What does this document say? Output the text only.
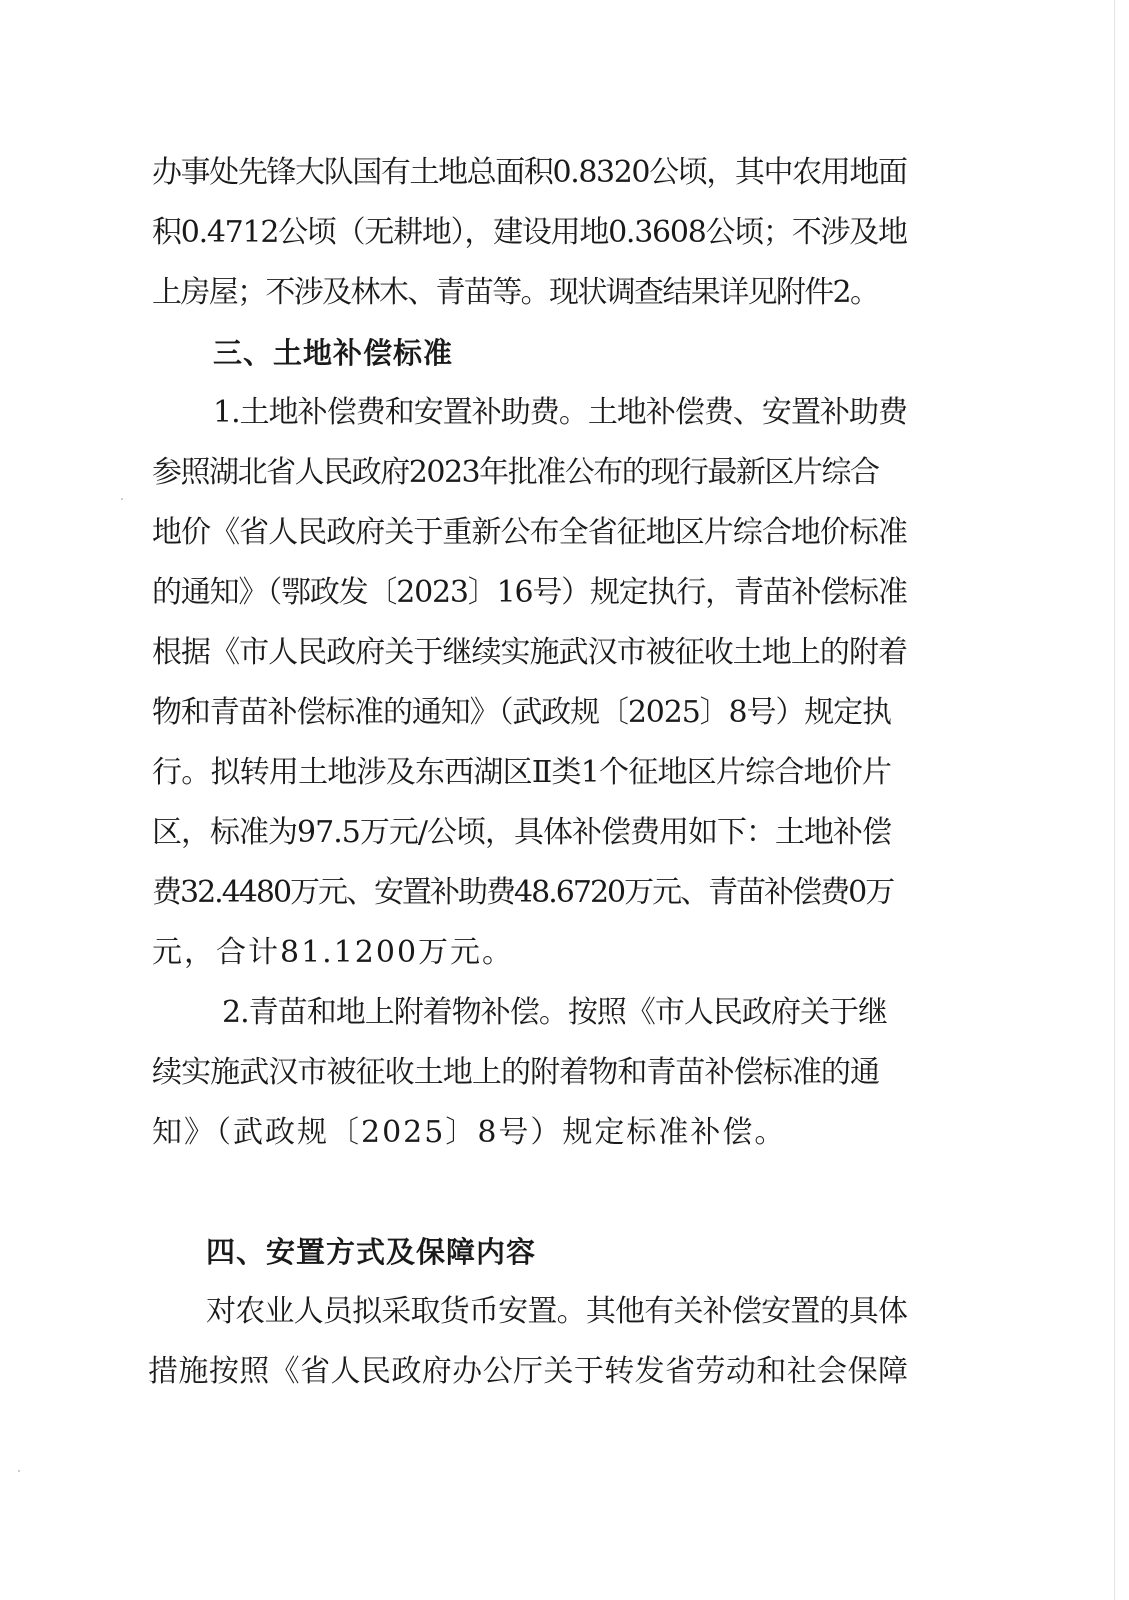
办事处先锋大队国有土地总面积0.8320公顷，其中农用地面
积0.4712公顷（无耕地），建设用地0.3608公顷；不涉及地
上房屋；不涉及林木、青苗等。现状调查结果详见附件2。
三、土地补偿标准
1.土地补偿费和安置补助费。土地补偿费、安置补助费
参照湖北省人民政府2023年批准公布的现行最新区片综合
地价《省人民政府关于重新公布全省征地区片综合地价标准
的通知》（鄂政发〔2023〕16号）规定执行，青苗补偿标准
根据《市人民政府关于继续实施武汉市被征收土地上的附着
物和青苗补偿标准的通知》（武政规〔2025〕8号）规定执
行。拟转用土地涉及东西湖区Ⅱ类1个征地区片综合地价片
区，标准为97.5万元/公顷，具体补偿费用如下：土地补偿
费32.4480万元、安置补助费48.6720万元、青苗补偿费0万
元，合计81.1200万元。
2.青苗和地上附着物补偿。按照《市人民政府关于继
续实施武汉市被征收土地上的附着物和青苗补偿标准的通
知》（武政规〔2025〕8号）规定标准补偿。
四、安置方式及保障内容
对农业人员拟采取货币安置。其他有关补偿安置的具体
措施按照《省人民政府办公厅关于转发省劳动和社会保障
